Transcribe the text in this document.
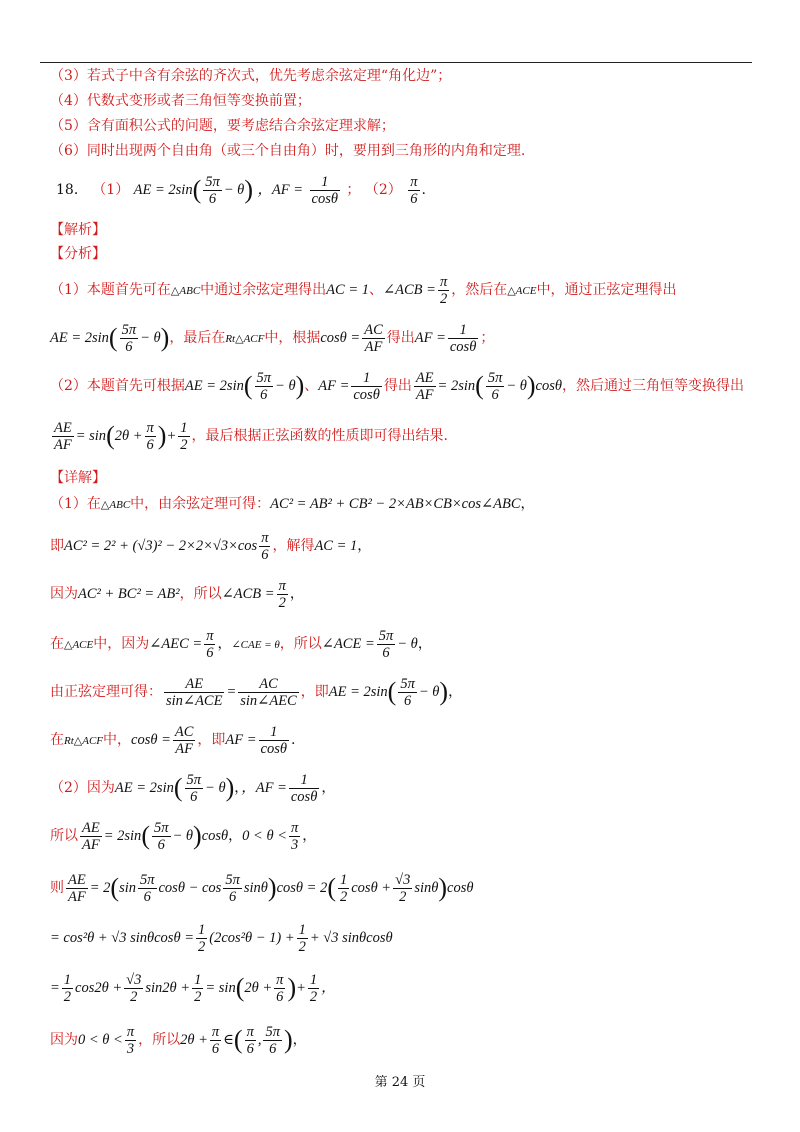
（3）若式子中含有余弦的齐次式，优先考虑余弦定理“角化边”；
（4）代数式变形或者三角恒等变换前置；
（5）含有面积公式的问题，要考虑结合余弦定理求解；
（6）同时出现两个自由角（或三个自由角）时，要用到三角形的内角和定理.
18． （1） AE = $2\sin( \frac{5\pi}{6} - \theta)$ ，AF = $\frac{1}{\cos\theta}$ ； $(2) \frac{\pi}{6}$ .
【解析】
【分析】
（1）本题首先可在△ABC中通过余弦定理得出AC = 1、∠ACB = $\frac{\pi}{2}$ ，然后在△ACE中，通过正弦定理得出
AE = $2\sin( \frac{5\pi}{6} - \theta)$，最后在Rt△ACF中，根据$\cos\theta = \frac{AC}{AF}$ 得出AF = $\frac{1}{\cos\theta}$ ；
（2）本题首先可根据AE = $2\sin( \frac{5\pi}{6} - \theta)$、AF = $\frac{1}{\cos\theta}$ 得出 $\frac{AE}{AF} = 2\sin( \frac{5\pi}{6} - \theta)\cos\theta$，然后通过三角恒等变换得出
$\frac{AE}{AF} = \sin(2\theta + \frac{\pi}{6}$ )+ $\frac{1}{2}$ ，最后根据正弦函数的性质即可得出结果.
【详解】
（1）在△ABC中，由余弦定理可得：AC² = AB² + CB² − 2×AB×CB×cos∠ABC，
即$AC^2 = 2^2 + (√3)^2 - 2\times 2\times√3\times\cos \frac{\pi}{6}$ ，解得AC = 1，
因为AC² + BC² = AB²，所以∠ACB = $\frac{\pi}{2}$ ，
在△ACE中，因为∠AEC = $\frac{\pi}{6}$ ，∠CAE = θ，所以∠ACE = $\frac{5\pi}{6} - \theta$，
由正弦定理可得： $\frac{AE}{\text{sin∠ACE}} = \frac{AC}{\text{sin∠AEC}}$ ，即AE = $2\sin( \frac{5\pi}{6} - \theta)$，
在Rt△ACF中，$\cos\theta = \frac{AC}{AF}$ ，即AF = $\frac{1}{\cos\theta}$ .
（2）因为AE = $2\sin( \frac{5\pi}{6} - \theta)$，，AF = $\frac{1}{\cos\theta}$ ，
所以 $\frac{AE}{AF} = 2\sin( \frac{5\pi}{6} - \theta)\cos\theta$，$0 < \theta < \frac{\pi}{3}$ ，
则 $\frac{AE}{AF} = 2(\sin \frac{5\pi}{6}$ $\cos\theta - \cos \frac{5\pi}{6} \sin\theta)\cos\theta = 2( \frac{1}{2}$ $\cos\theta + \frac{√3}{2} \sin\theta)\cos\theta$
= cos²θ + √3 $\sin\theta\cos\theta = \frac{1}{2} (2\cos^2\theta - 1) + \frac{1}{2} + √3$ sinθcosθ
= $\frac{1}{2} \cos 2\theta + \frac{√3}{2} \sin 2\theta + \frac{1}{2} = \sin(2\theta + \frac{\pi}{6}$ )+ $\frac{1}{2}$ ，
因为$0 < \theta < \frac{\pi}{3}$ ，所以$2\theta + \frac{\pi}{6}$ ∈( $\frac{\pi}{6}$ , $\frac{5\pi}{6}$ )，
第 24 页
